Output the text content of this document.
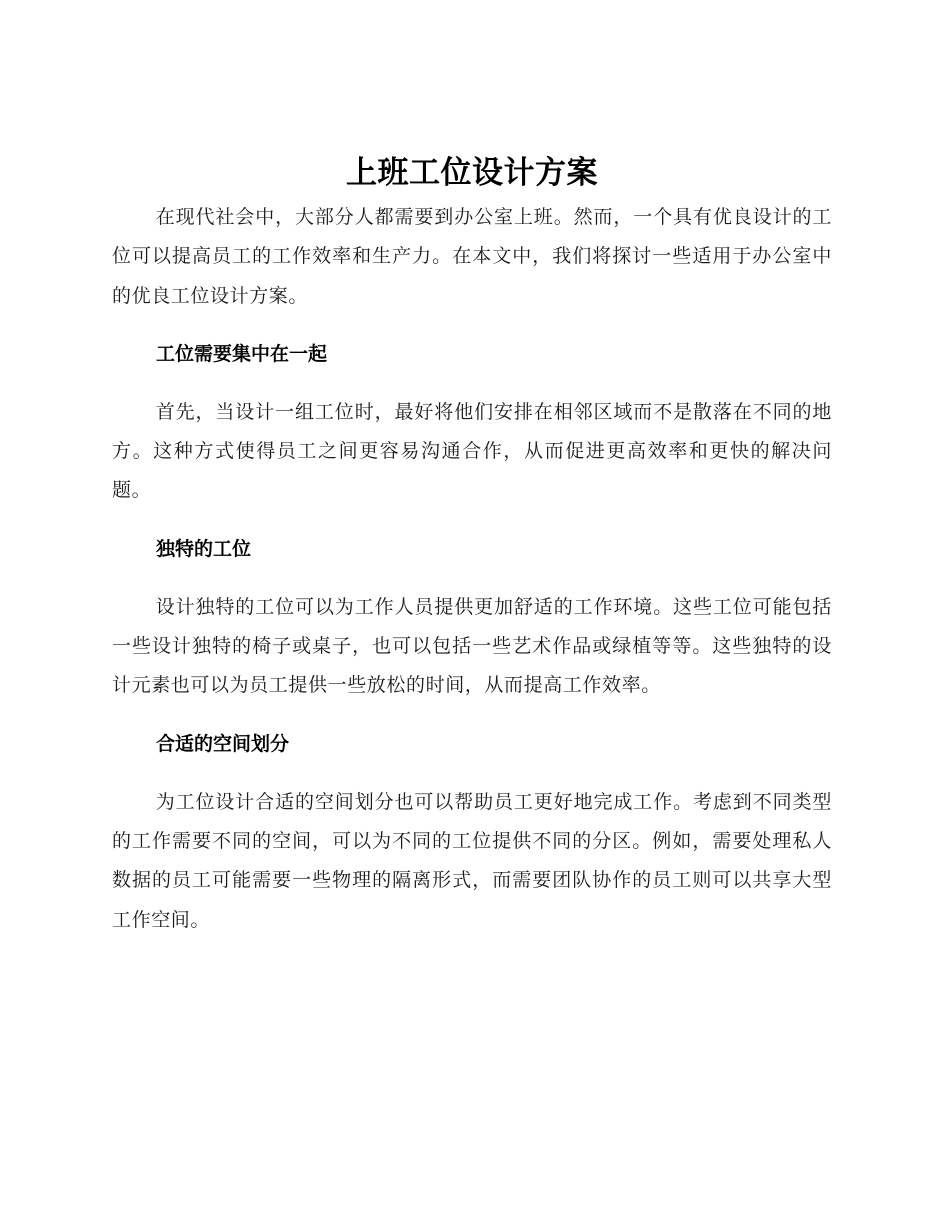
上班工位设计方案

在现代社会中，大部分人都需要到办公室上班。然而，一个具有优良设计的工位可以提高员工的工作效率和生产力。在本文中，我们将探讨一些适用于办公室中的优良工位设计方案。

工位需要集中在一起

首先，当设计一组工位时，最好将他们安排在相邻区域而不是散落在不同的地方。这种方式使得员工之间更容易沟通合作，从而促进更高效率和更快的解决问题。

独特的工位

设计独特的工位可以为工作人员提供更加舒适的工作环境。这些工位可能包括一些设计独特的椅子或桌子，也可以包括一些艺术作品或绿植等等。这些独特的设计元素也可以为员工提供一些放松的时间，从而提高工作效率。

合适的空间划分

为工位设计合适的空间划分也可以帮助员工更好地完成工作。考虑到不同类型的工作需要不同的空间，可以为不同的工位提供不同的分区。例如，需要处理私人数据的员工可能需要一些物理的隔离形式，而需要团队协作的员工则可以共享大型工作空间。
